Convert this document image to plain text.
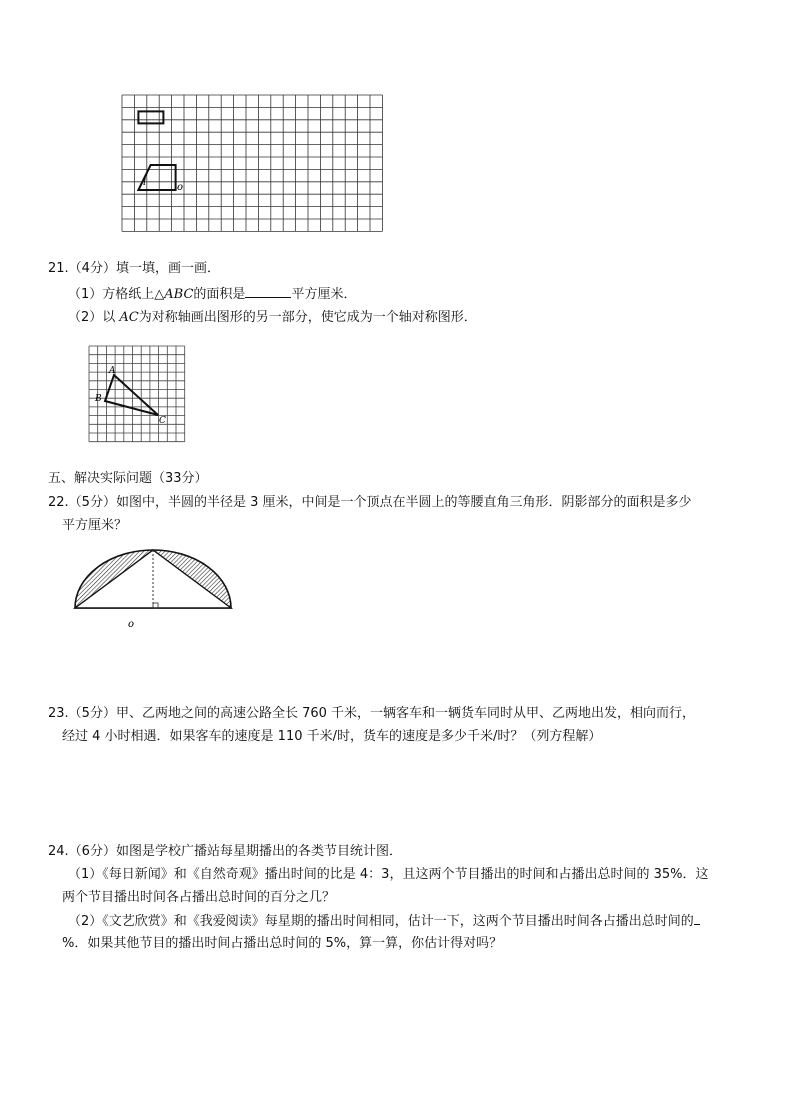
l	o
21.（4分）填一填，画一画．
（1）方格纸上△ABC的面积是	平方厘米．
（2）以 AC为对称轴画出图形的另一部分，使它成为一个轴对称图形．
A
B
C
五、解决实际问题（33分）
22.（5分）如图中，半圆的半径是 3 厘米，中间是一个顶点在半圆上的等腰直角三角形．阴影部分的面积是多少
平方厘米？
o
23.（5分）甲、乙两地之间的高速公路全长 760 千米，一辆客车和一辆货车同时从甲、乙两地出发，相向而行，
经过 4 小时相遇．如果客车的速度是 110 千米/时，货车的速度是多少千米/时？（列方程解）
24.（6分）如图是学校广播站每星期播出的各类节目统计图．
（1）《每日新闻》和《自然奇观》播出时间的比是 4：3，且这两个节目播出的时间和占播出总时间的 35%．这
两个节目播出时间各占播出总时间的百分之几？
（2）《文艺欣赏》和《我爱阅读》每星期的播出时间相同，估计一下，这两个节目播出时间各占播出总时间的
%．如果其他节目的播出时间占播出总时间的 5%，算一算，你估计得对吗？
